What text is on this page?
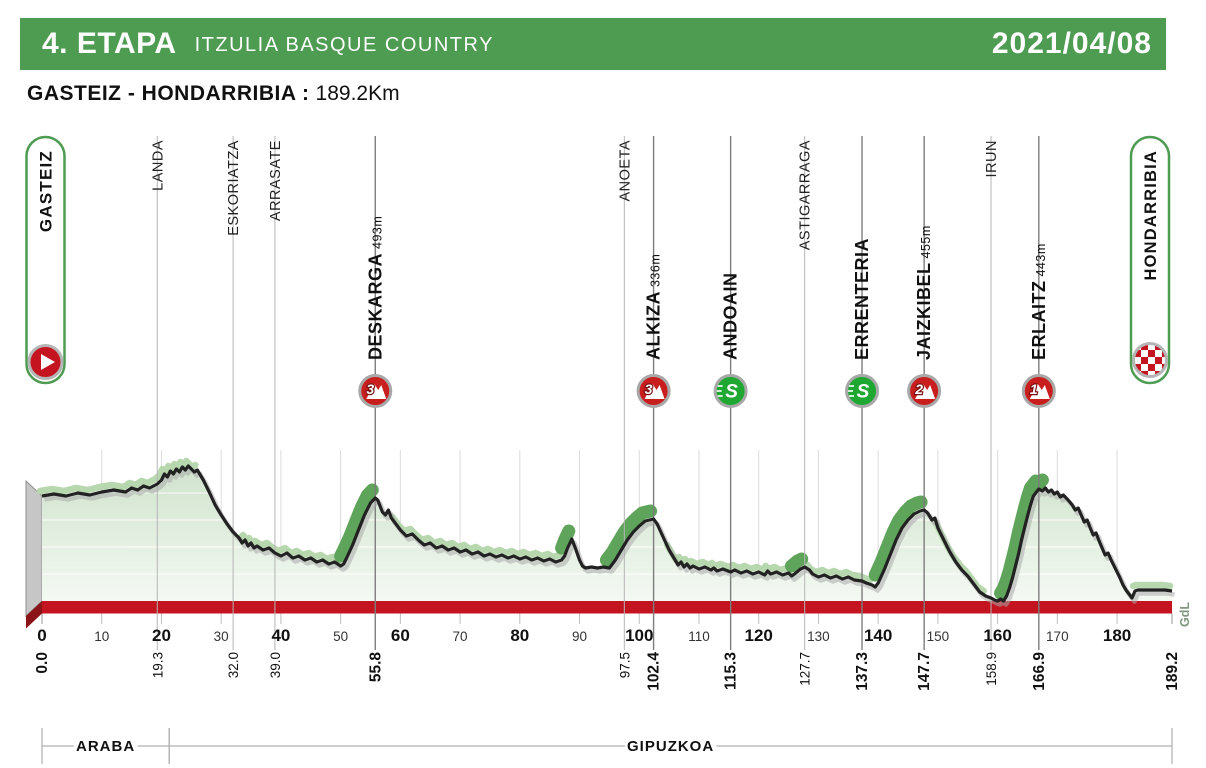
0	10	20	30	40	50	60	70	80	90 100	110 120	130 140	150 160	170 180
0.0	19.3	32.0 39.0	55.8	97.5 102.4	115.3	127.7	137.3	147.7	158.9 166.9	189.2
LANDA	ESKORIATZA ARRASATE
DESKARGA 493m
ANOETA
ALKIZA 336m
ANDOAIN
ASTIGARRAGA
ERRENTERIA JAIZKIBEL 455m
IRUN
ERLAITZ 443m
3	3	S	S	2	1
ARABA	GIPUZKOA
GdL
GASTEIZ	HONDARRIBIA
4. ETAPA ITZULIA BASQUE COUNTRY	2021/04/08
GASTEIZ - HONDARRIBIA : 189.2Km
